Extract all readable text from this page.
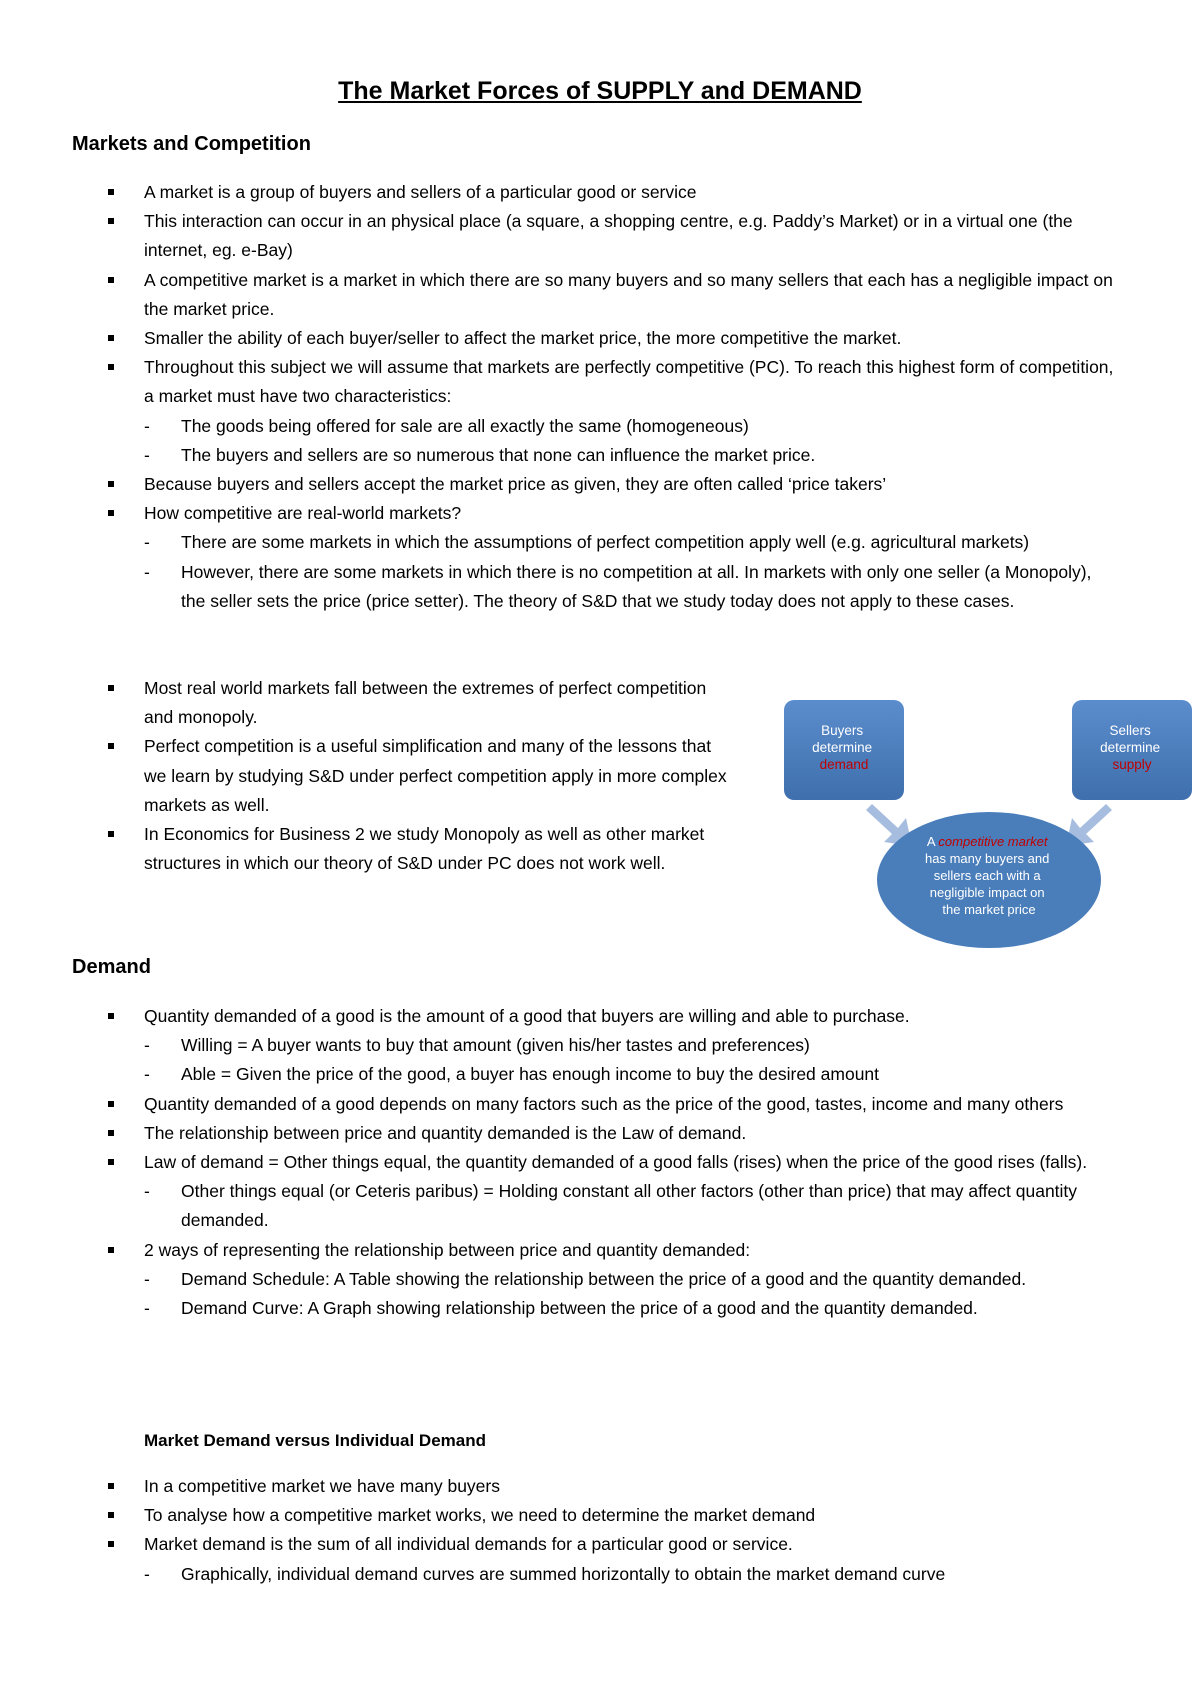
The Market Forces of SUPPLY and DEMAND
Markets and Competition
A market is a group of buyers and sellers of a particular good or service
This interaction can occur in an physical place (a square, a shopping centre, e.g. Paddy’s Market) or in a virtual one (the internet, eg. e-Bay)
A competitive market is a market in which there are so many buyers and so many sellers that each has a negligible impact on the market price.
Smaller the ability of each buyer/seller to affect the market price, the more competitive the market.
Throughout this subject we will assume that markets are perfectly competitive (PC). To reach this highest form of competition, a market must have two characteristics:
- The goods being offered for sale are all exactly the same (homogeneous)
- The buyers and sellers are so numerous that none can influence the market price.
Because buyers and sellers accept the market price as given, they are often called ‘price takers’
How competitive are real-world markets?
- There are some markets in which the assumptions of perfect competition apply well (e.g. agricultural markets)
- However, there are some markets in which there is no competition at all. In markets with only one seller (a Monopoly), the seller sets the price (price setter). The theory of S&D that we study today does not apply to these cases.
Most real world markets fall between the extremes of perfect competition and monopoly.
Perfect competition is a useful simplification and many of the lessons that we learn by studying S&D under perfect competition apply in more complex markets as well.
In Economics for Business 2 we study Monopoly as well as other market structures in which our theory of S&D under PC does not work well.
Buyers determine demand
Sellers determine supply
A competitive market has many buyers and sellers each with a negligible impact on the market price
Demand
Quantity demanded of a good is the amount of a good that buyers are willing and able to purchase.
- Willing = A buyer wants to buy that amount (given his/her tastes and preferences)
- Able = Given the price of the good, a buyer has enough income to buy the desired amount
Quantity demanded of a good depends on many factors such as the price of the good, tastes, income and many others
The relationship between price and quantity demanded is the Law of demand.
Law of demand = Other things equal, the quantity demanded of a good falls (rises) when the price of the good rises (falls).
- Other things equal (or Ceteris paribus) = Holding constant all other factors (other than price) that may affect quantity demanded.
2 ways of representing the relationship between price and quantity demanded:
- Demand Schedule: A Table showing the relationship between the price of a good and the quantity demanded.
- Demand Curve: A Graph showing relationship between the price of a good and the quantity demanded.
Market Demand versus Individual Demand
In a competitive market we have many buyers
To analyse how a competitive market works, we need to determine the market demand
Market demand is the sum of all individual demands for a particular good or service.
- Graphically, individual demand curves are summed horizontally to obtain the market demand curve
